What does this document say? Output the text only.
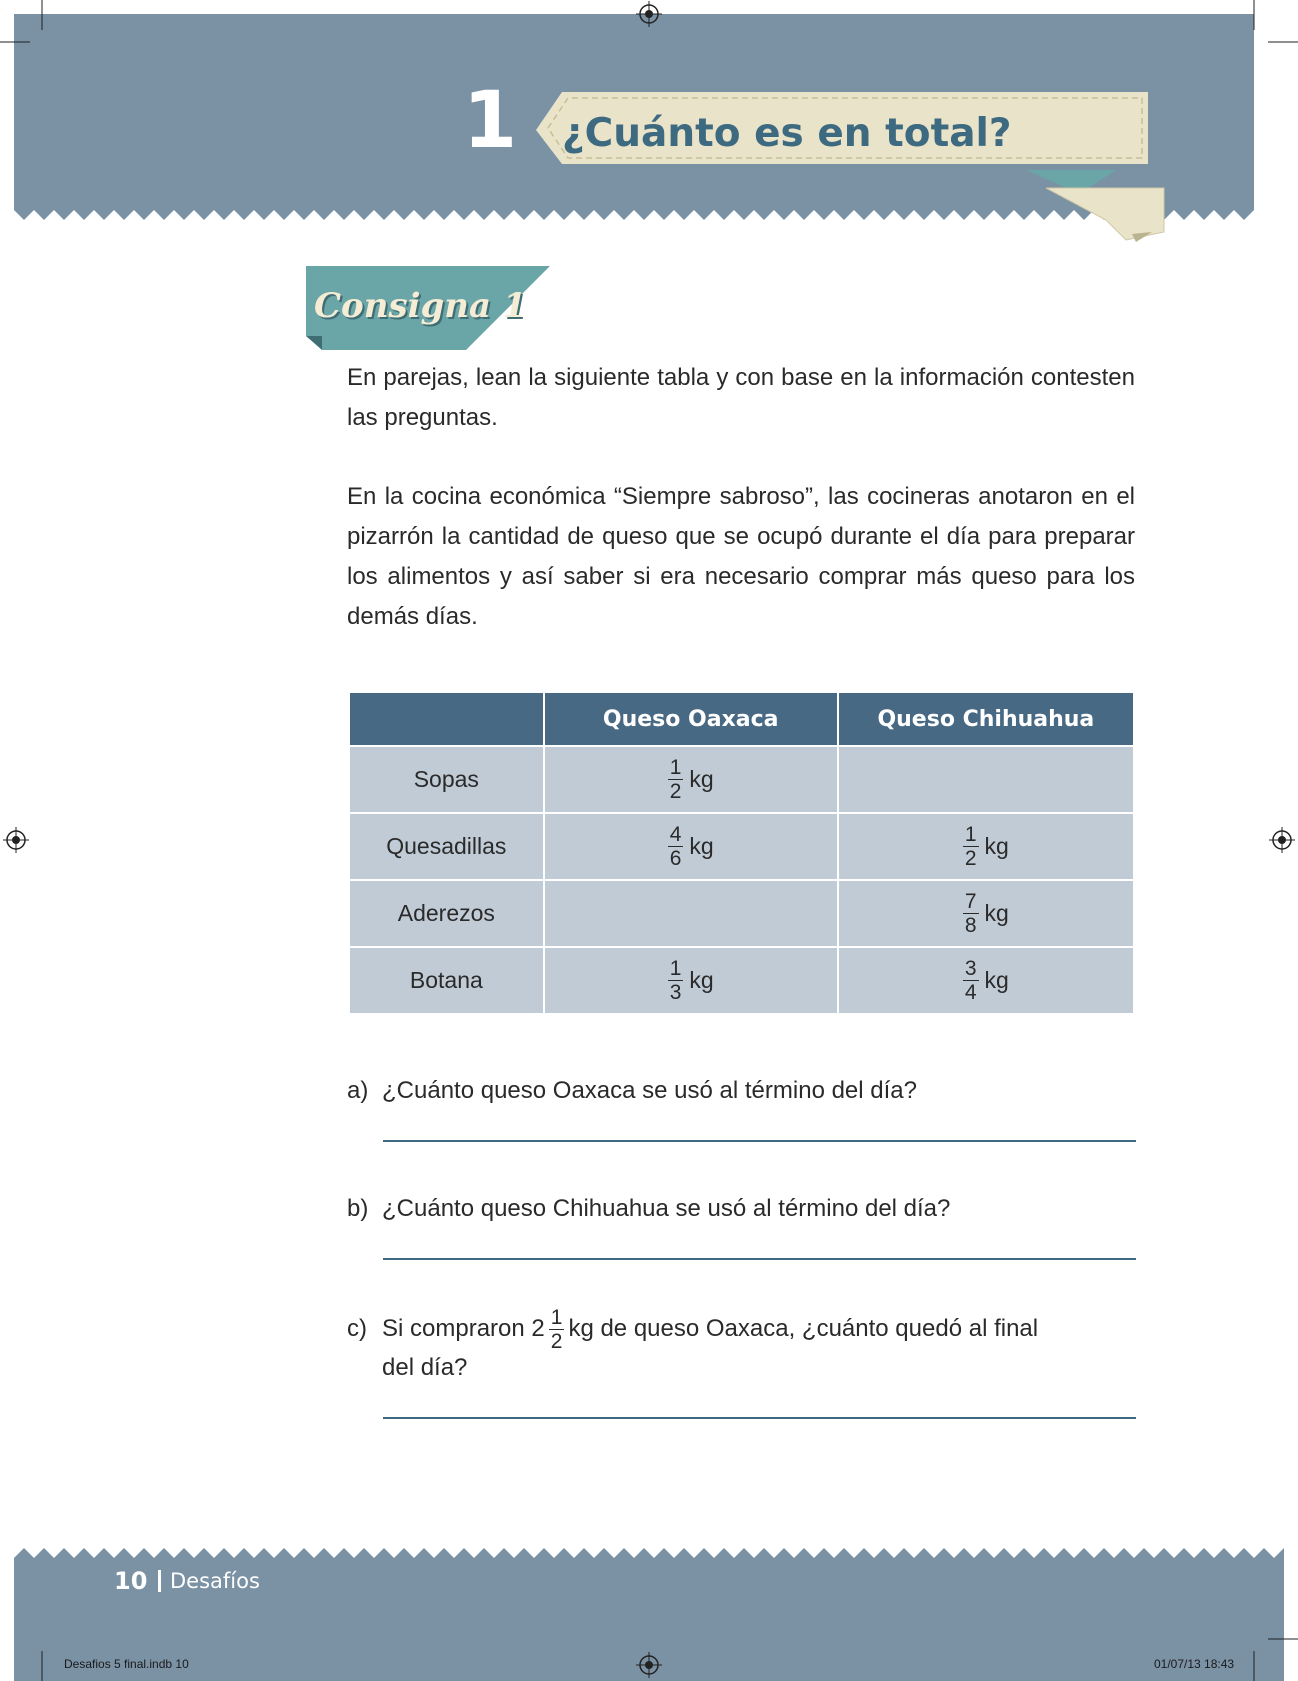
1 ¿Cuánto es en total?
Consigna 1
En parejas, lean la siguiente tabla y con base en la información contesten las preguntas.
En la cocina económica “Siempre sabroso”, las cocineras anotaron en el pizarrón la cantidad de queso que se ocupó durante el día para preparar los alimentos y así saber si era necesario comprar más queso para los demás días.
	Queso Oaxaca	Queso Chihuahua
Sopas	$\frac{1}{2}$ kg	
Quesadillas	$\frac{4}{6}$ kg	$\frac{1}{2}$ kg
Aderezos		$\frac{7}{8}$ kg
Botana	$\frac{1}{3}$ kg	$\frac{3}{4}$ kg
a) ¿Cuánto queso Oaxaca se usó al término del día?
b) ¿Cuánto queso Chihuahua se usó al término del día?
c) Si compraron $2 \frac{1}{2}$ kg de queso Oaxaca, ¿cuánto quedó al final
del día?
10 Desafíos
Desafios 5 final.indb 10	01/07/13 18:43
